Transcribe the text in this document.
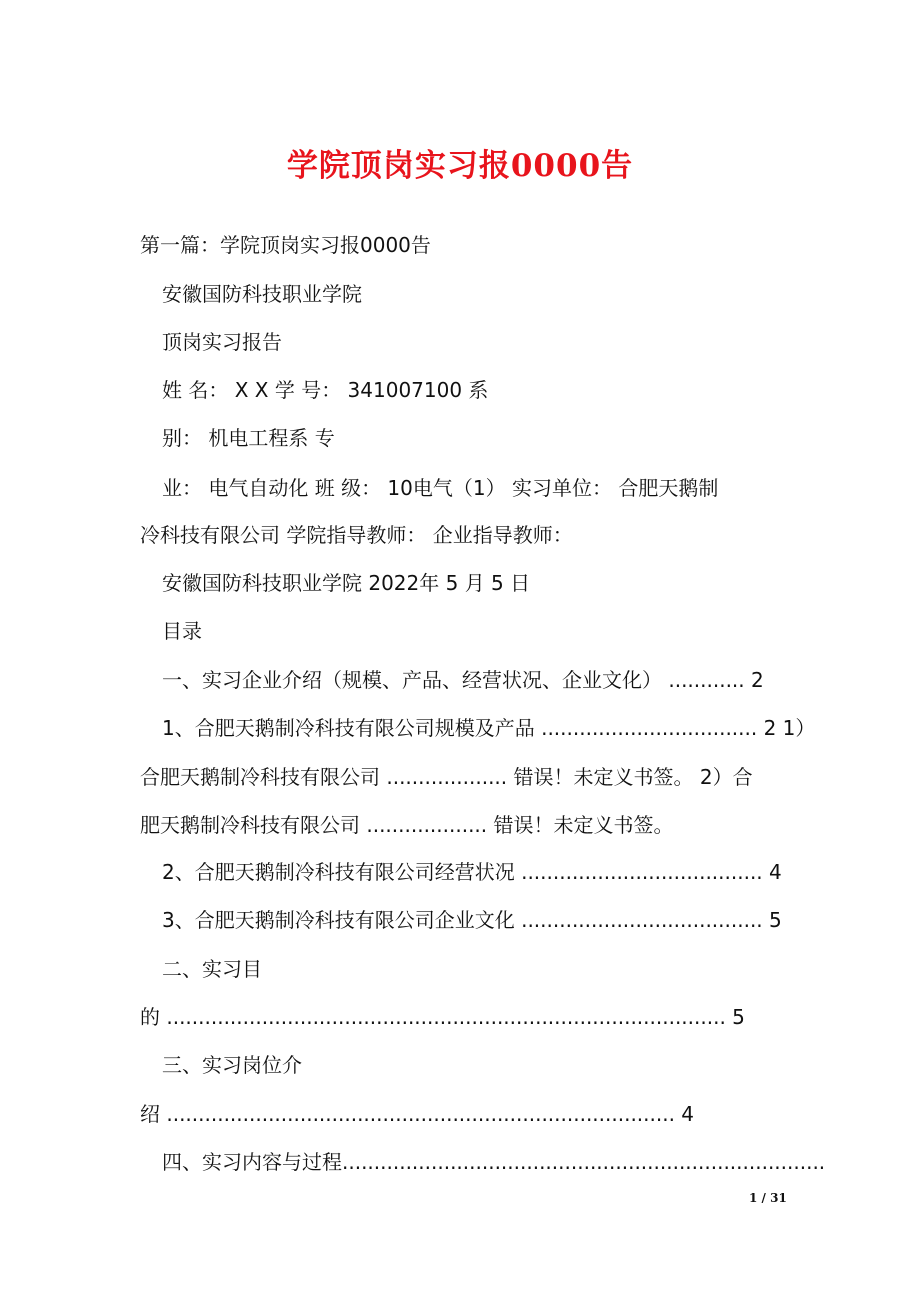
学院顶岗实习报0000告
第一篇：学院顶岗实习报0000告
安徽国防科技职业学院
顶岗实习报告
姓 名： X X 学 号： 341007100 系
别： 机电工程系 专
业： 电气自动化 班 级： 10电气（1） 实习单位： 合肥天鹅制
冷科技有限公司 学院指导教师： 企业指导教师：
安徽国防科技职业学院 2022年 5 月 5 日
目录
一、实习企业介绍（规模、产品、经营状况、企业文化） ............ 2
1、合肥天鹅制冷科技有限公司规模及产品 .................................. 2 1）
合肥天鹅制冷科技有限公司 ................... 错误！未定义书签。 2）合
肥天鹅制冷科技有限公司 ................... 错误！未定义书签。
2、合肥天鹅制冷科技有限公司经营状况 ...................................... 4
3、合肥天鹅制冷科技有限公司企业文化 ...................................... 5
二、实习目
的 ........................................................................................ 5
三、实习岗位介
绍 ................................................................................ 4
四、实习内容与过程............................................................................
1 / 31
